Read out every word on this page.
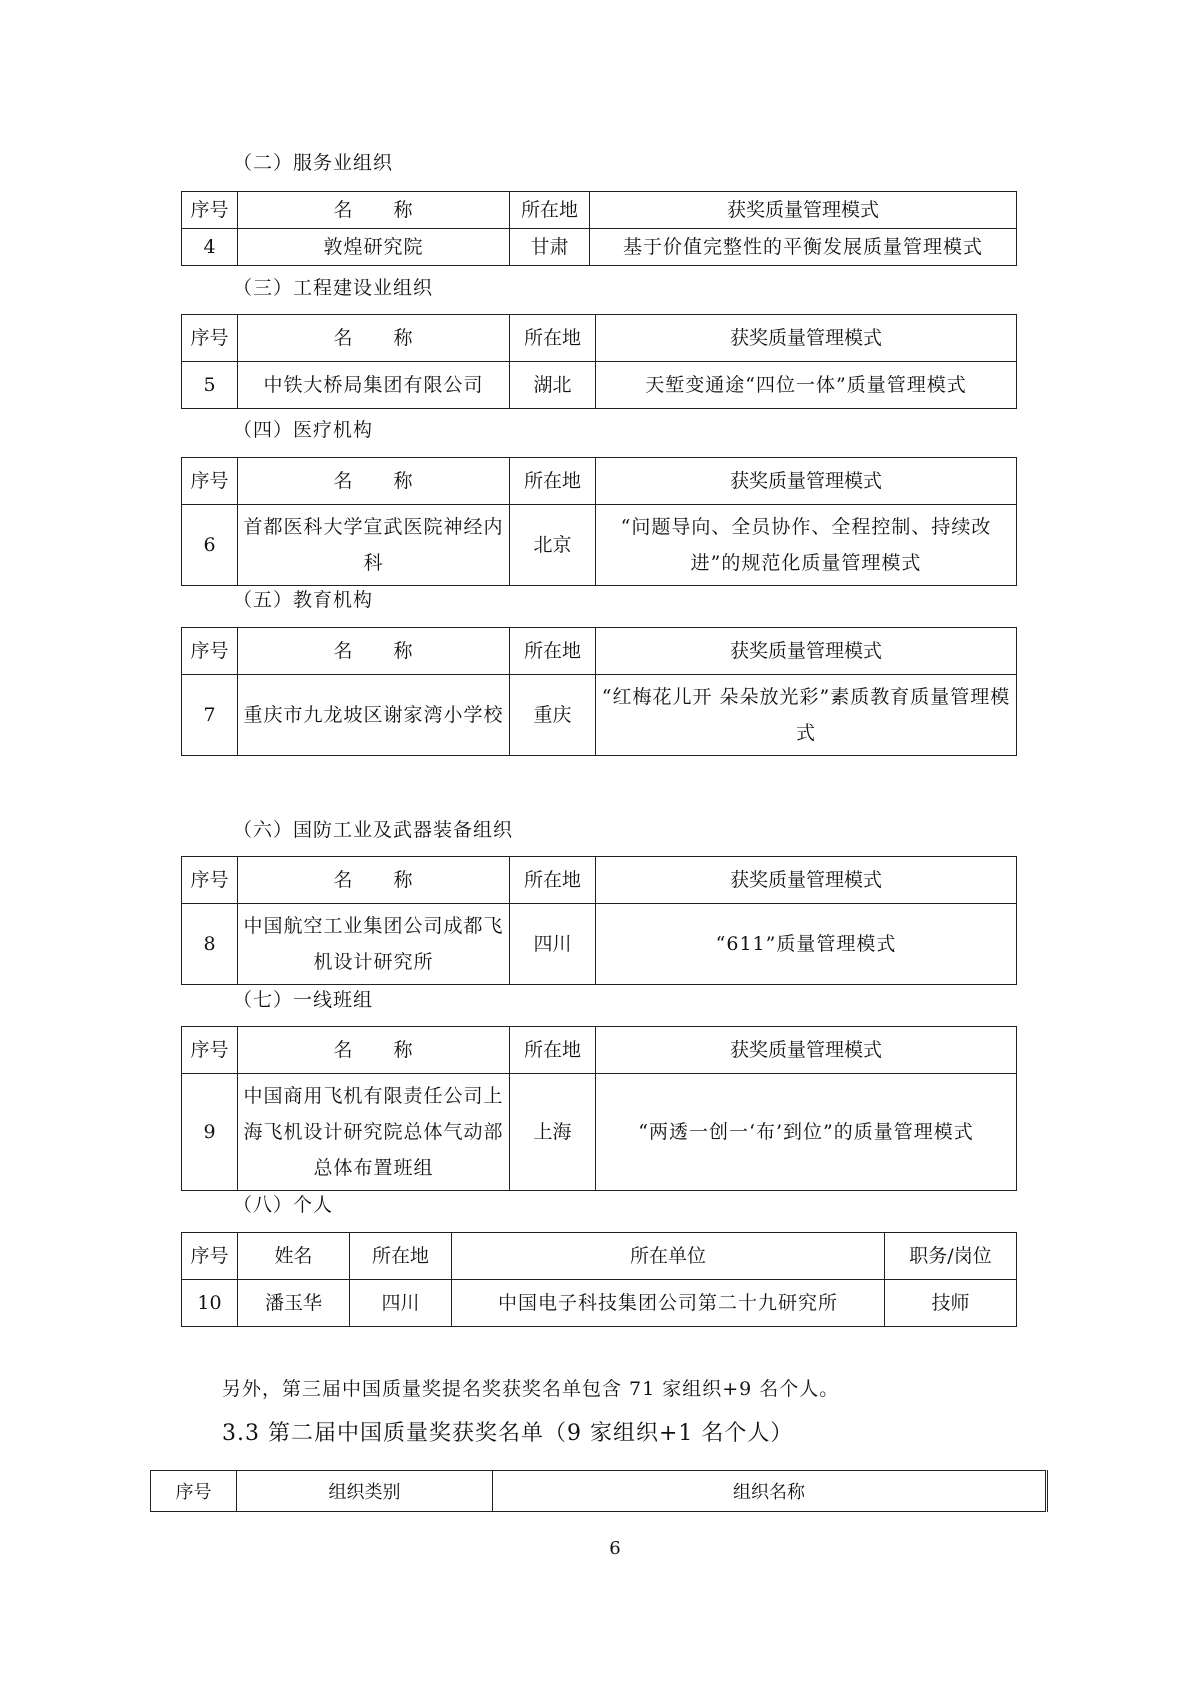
（二）服务业组织
序号	名　　称	所在地	获奖质量管理模式
4	敦煌研究院	甘肃	基于价值完整性的平衡发展质量管理模式
（三）工程建设业组织
序号	名　　称	所在地	获奖质量管理模式
5	中铁大桥局集团有限公司	湖北	天堑变通途“四位一体”质量管理模式
（四）医疗机构
序号	名　　称	所在地	获奖质量管理模式
6	首都医科大学宣武医院神经内科	北京	“问题导向、全员协作、全程控制、持续改进”的规范化质量管理模式
（五）教育机构
序号	名　　称	所在地	获奖质量管理模式
7	重庆市九龙坡区谢家湾小学校	重庆	“红梅花儿开 朵朵放光彩”素质教育质量管理模式
（六）国防工业及武器装备组织
序号	名　　称	所在地	获奖质量管理模式
8	中国航空工业集团公司成都飞机设计研究所	四川	“611”质量管理模式
（七）一线班组
序号	名　　称	所在地	获奖质量管理模式
9	中国商用飞机有限责任公司上海飞机设计研究院总体气动部总体布置班组	上海	“两透一创一‘布’到位”的质量管理模式
（八）个人
序号	姓名	所在地	所在单位	职务/岗位
10	潘玉华	四川	中国电子科技集团公司第二十九研究所	技师
另外，第三届中国质量奖提名奖获奖名单包含 71 家组织+9 名个人。
3.3 第二届中国质量奖获奖名单（9 家组织+1 名个人）
序号	组织类别	组织名称
6
